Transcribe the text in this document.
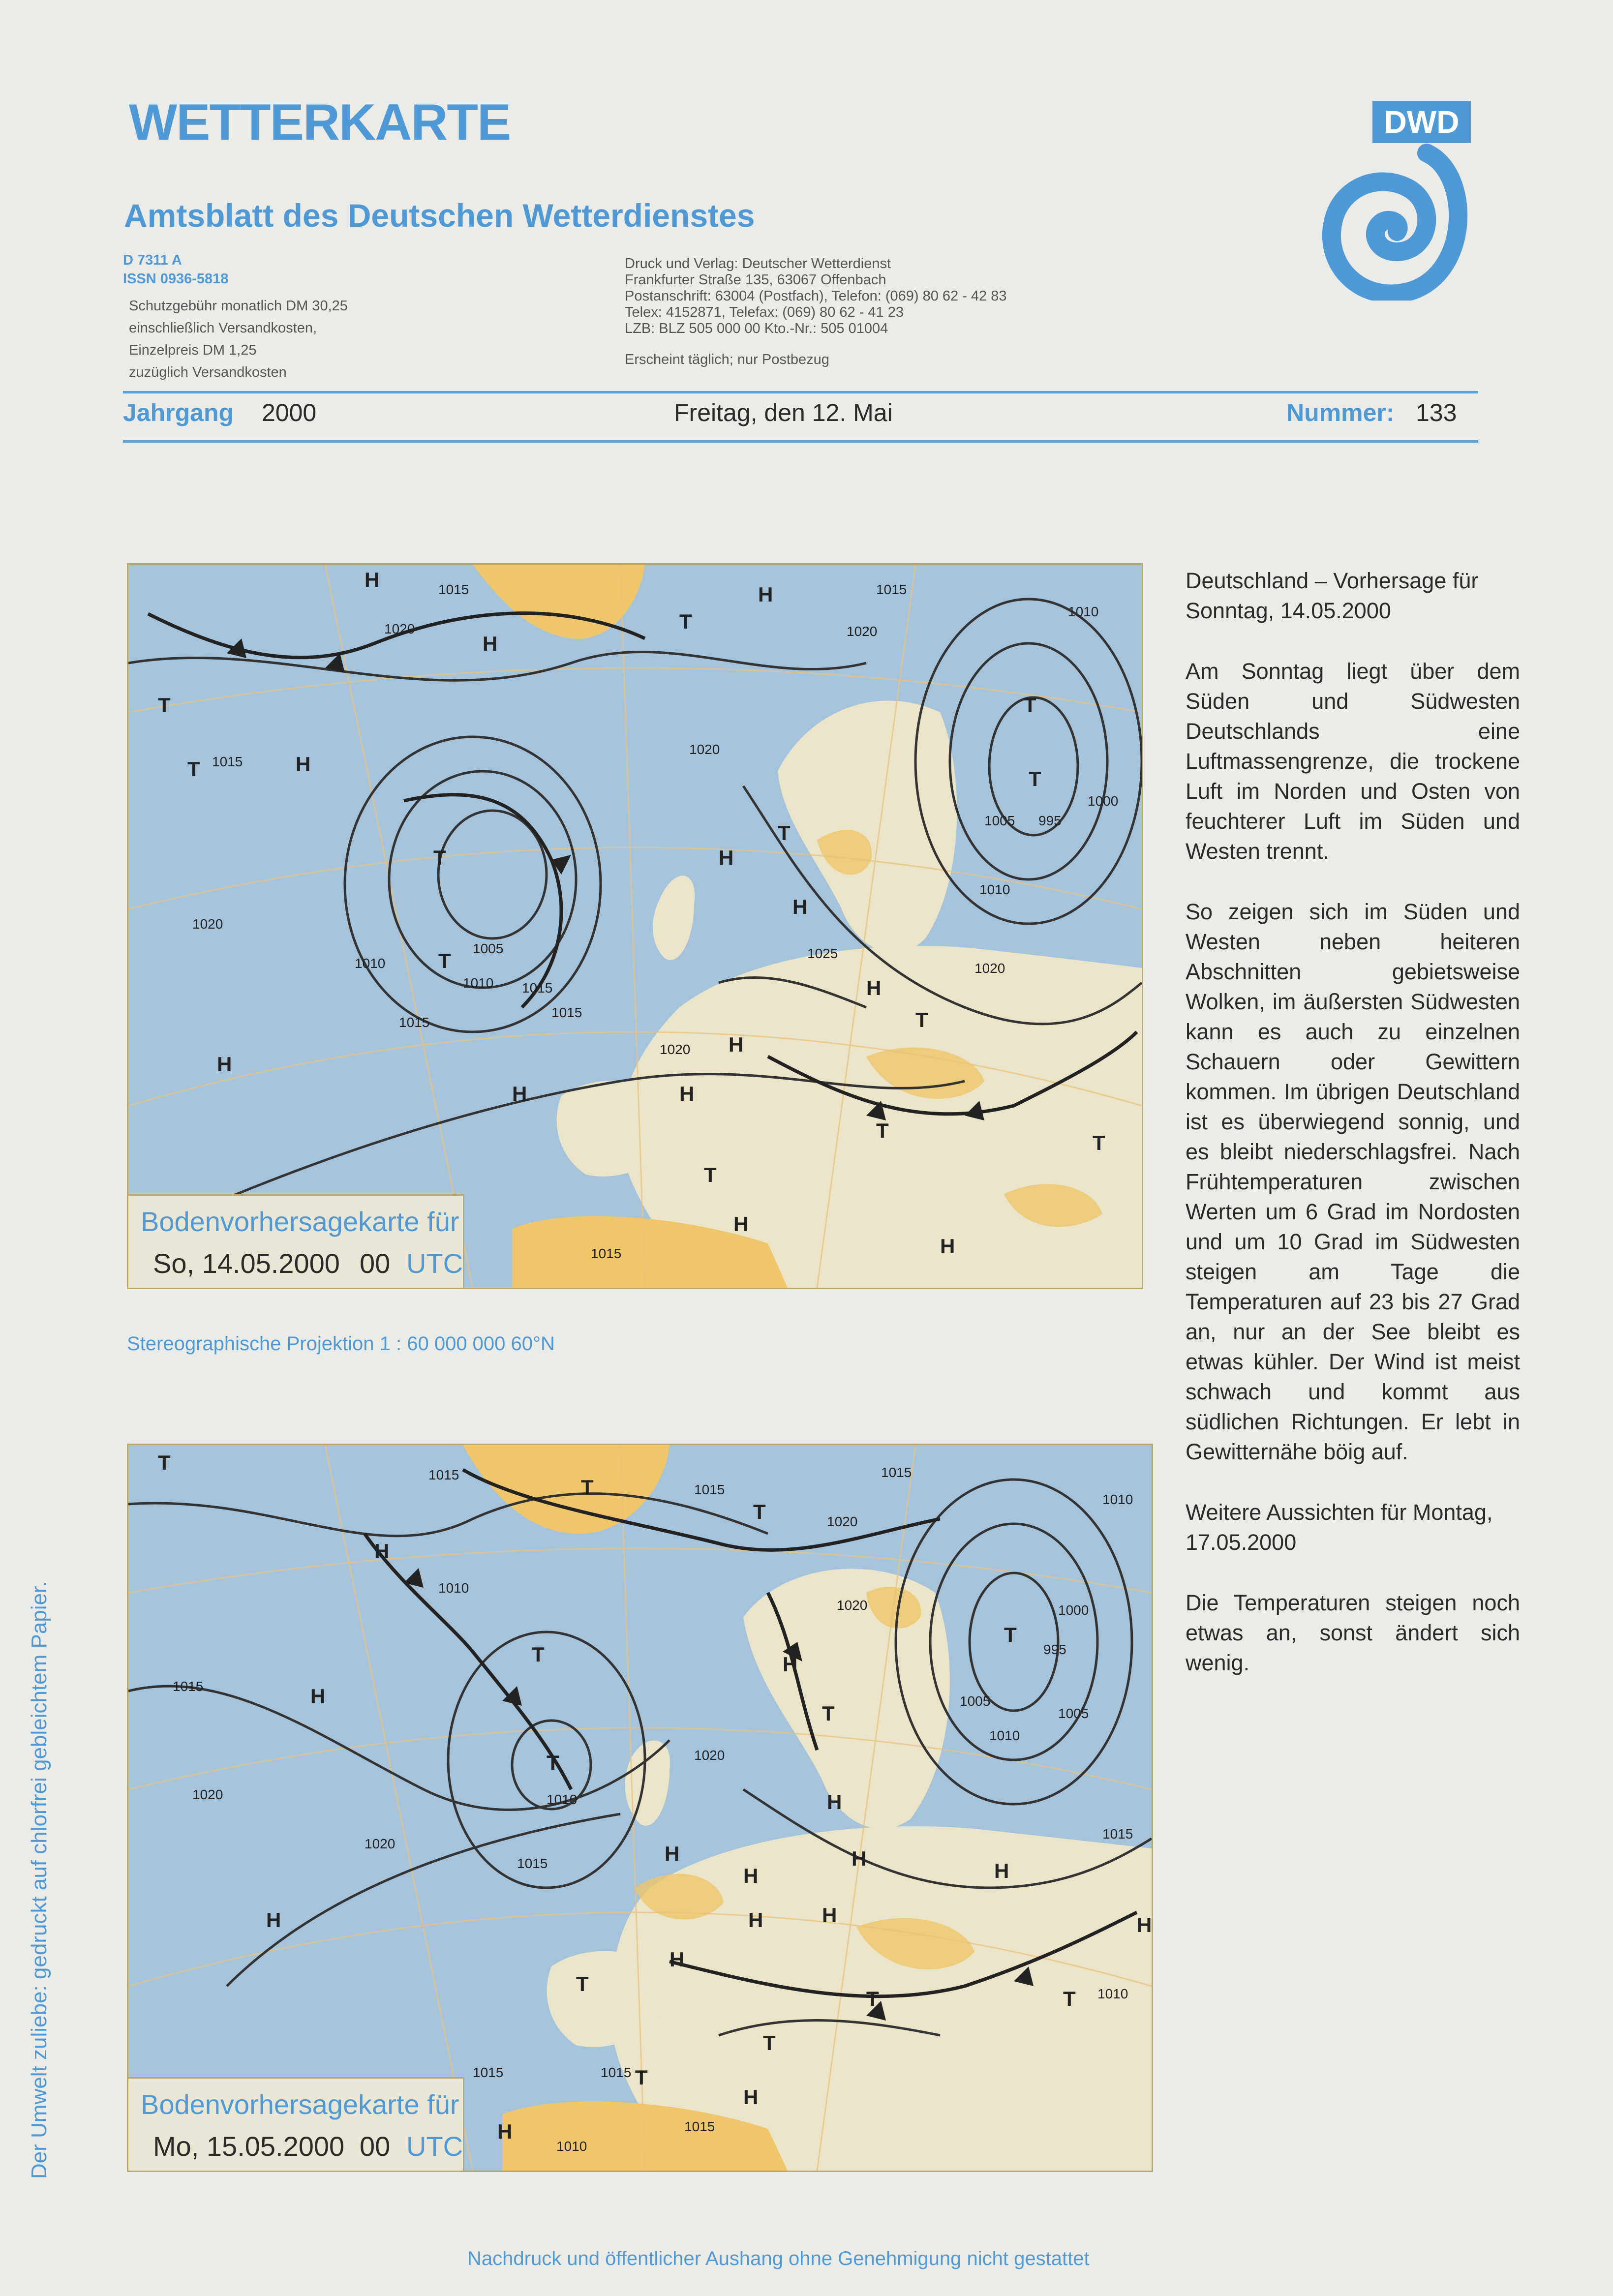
WETTERKARTE
Amtsblatt des Deutschen Wetterdienstes
DWD
D 7311 A
ISSN 0936-5818
Schutzgebühr monatlich DM 30,25
einschließlich Versandkosten,
Einzelpreis DM 1,25
zuzüglich Versandkosten
Druck und Verlag: Deutscher Wetterdienst
Frankfurter Straße 135, 63067 Offenbach
Postanschrift: 63004 (Postfach), Telefon: (069) 80 62 - 42 83
Telex: 4152871, Telefax: (069) 80 62 - 41 23
LZB: BLZ 505 000 00 Kto.-Nr.: 505 01004
Erscheint täglich; nur Postbezug
Jahrgang 2000	Freitag, den 12. Mai	Nummer: 133
H
H
H
H
H
H
H
H
H
H
H
H
H
T
T
T
T
T
T
T
T
T
T
T
T
1015
1020
1015
1020
1015
1020
1010
1005
1010 1015
1015
1020
1025
1020
995
1005
1000
1010
1010
1020
1015
1015
Bodenvorhersagekarte für
So, 14.05.2000 00 UTC
Stereographische Projektion 1 : 60 000 000 60°N
H
H
H
H
H
H
H
H
H
H
H
H
H
H
H
T
T
T
T
T
T
T
T
T
T
T
T
1015
1015
1015
1020
1010
1020
1010
1015
1015
1020
1020
1020
1010
1000
995
1005
1005
1010
1015
1010
1015	1015
1015
1010
Bodenvorhersagekarte für
Mo, 15.05.2000 00 UTC

Deutschland – Vorhersage für Sonntag, 14.05.2000

Am Sonntag liegt über dem Süden und Südwesten Deutschlands eine Luftmassengrenze, die trockene Luft im Norden und Osten von feuchterer Luft im Süden und Westen trennt.

So zeigen sich im Süden und Westen neben heiteren Abschnitten gebietsweise Wolken, im äußersten Südwesten kann es auch zu einzelnen Schauern oder Gewittern kommen. Im übrigen Deutschland ist es überwiegend sonnig, und es bleibt niederschlagsfrei. Nach Frühtemperaturen zwischen Werten um 6 Grad im Nordosten und um 10 Grad im Südwesten steigen am Tage die Temperaturen auf 23 bis 27 Grad an, nur an der See bleibt es etwas kühler. Der Wind ist meist schwach und kommt aus südlichen Richtungen. Er lebt in Gewitternähe böig auf.

Weitere Aussichten für Montag, 17.05.2000

Die Temperaturen steigen noch etwas an, sonst ändert sich wenig.

Der Umwelt zuliebe: gedruckt auf chlorfrei gebleichtem Papier.
Nachdruck und öffentlicher Aushang ohne Genehmigung nicht gestattet
